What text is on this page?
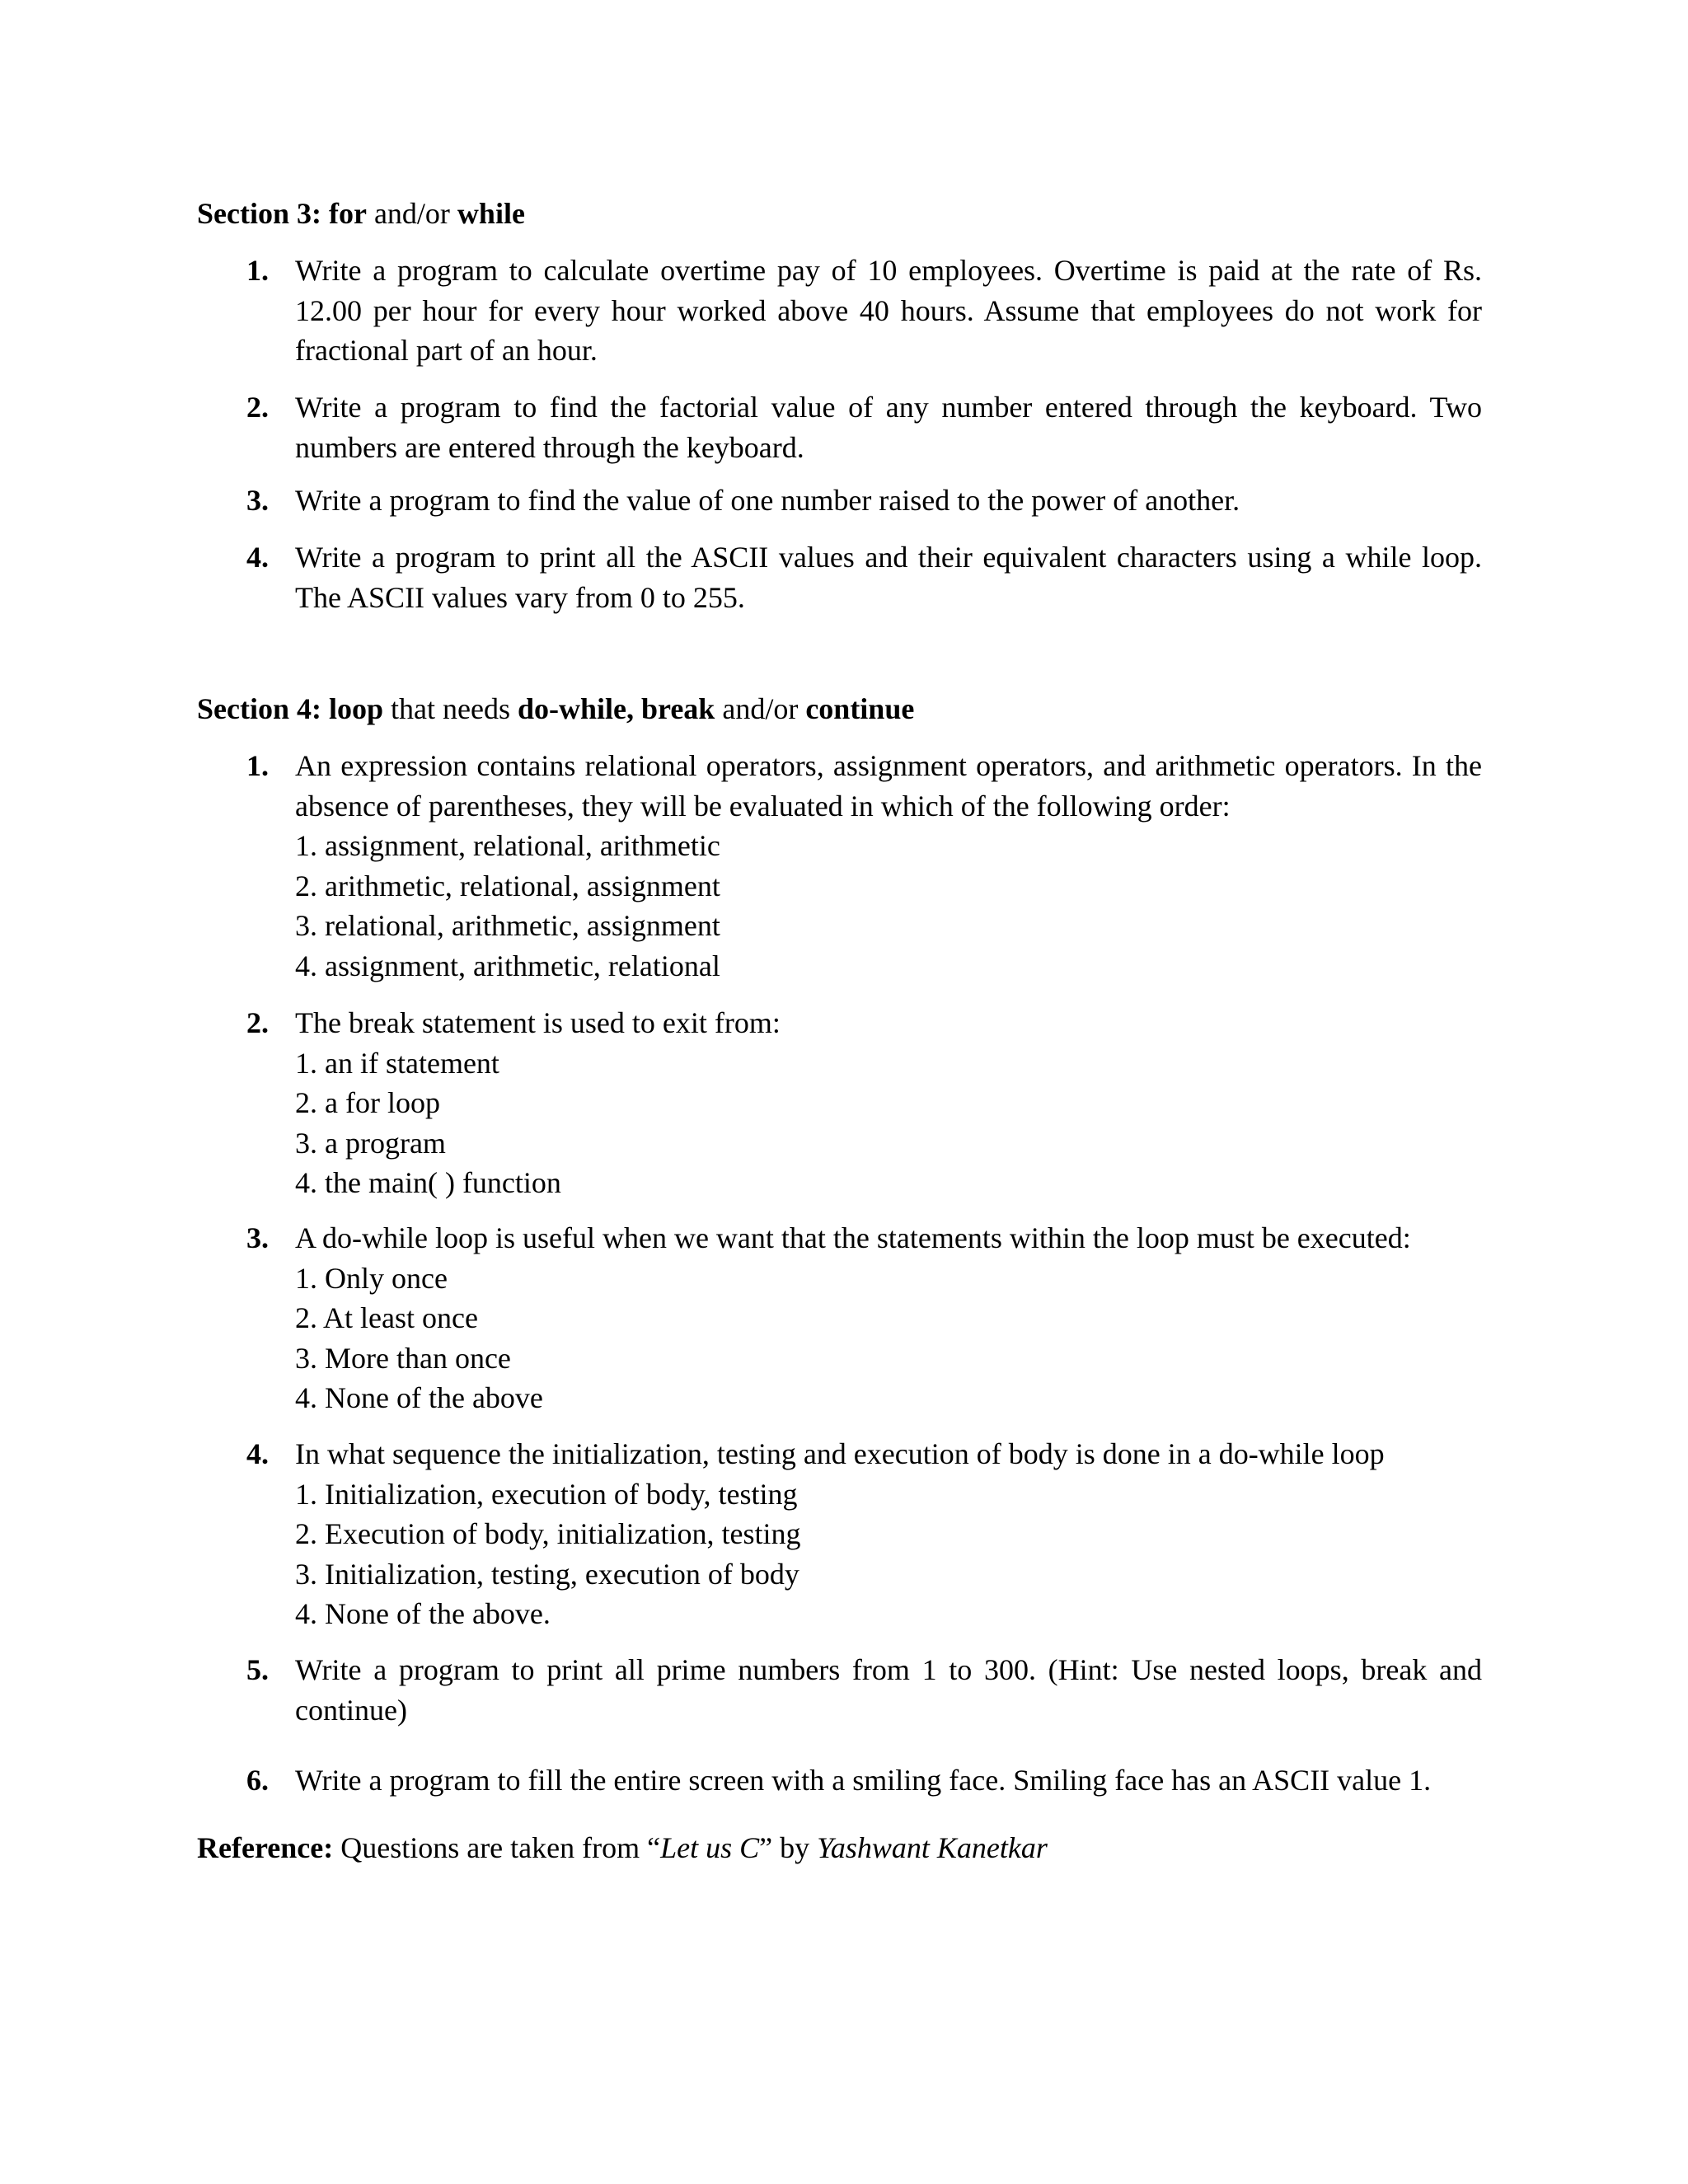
Section 3: for and/or while
1. Write a program to calculate overtime pay of 10 employees. Overtime is paid at the rate of Rs. 12.00 per hour for every hour worked above 40 hours. Assume that employees do not work for fractional part of an hour.

2. Write a program to find the factorial value of any number entered through the keyboard. Two numbers are entered through the keyboard.

3. Write a program to find the value of one number raised to the power of another.

4. Write a program to print all the ASCII values and their equivalent characters using a while loop. The ASCII values vary from 0 to 255.

Section 4: loop that needs do-while, break and/or continue
1. An expression contains relational operators, assignment operators, and arithmetic operators. In the absence of parentheses, they will be evaluated in which of the following order:

1. assignment, relational, arithmetic
2. arithmetic, relational, assignment
3. relational, arithmetic, assignment
4. assignment, arithmetic, relational
2. The break statement is used to exit from:

1. an if statement
2. a for loop
3. a program
4. the main( ) function
3. A do-while loop is useful when we want that the statements within the loop must be executed:

1. Only once
2. At least once
3. More than once
4. None of the above
4. In what sequence the initialization, testing and execution of body is done in a do-while loop

1. Initialization, execution of body, testing
2. Execution of body, initialization, testing
3. Initialization, testing, execution of body
4. None of the above.
5. Write a program to print all prime numbers from 1 to 300. (Hint: Use nested loops, break and continue)

6. Write a program to fill the entire screen with a smiling face. Smiling face has an ASCII value 1.

Reference: Questions are taken from “Let us C” by Yashwant Kanetkar
